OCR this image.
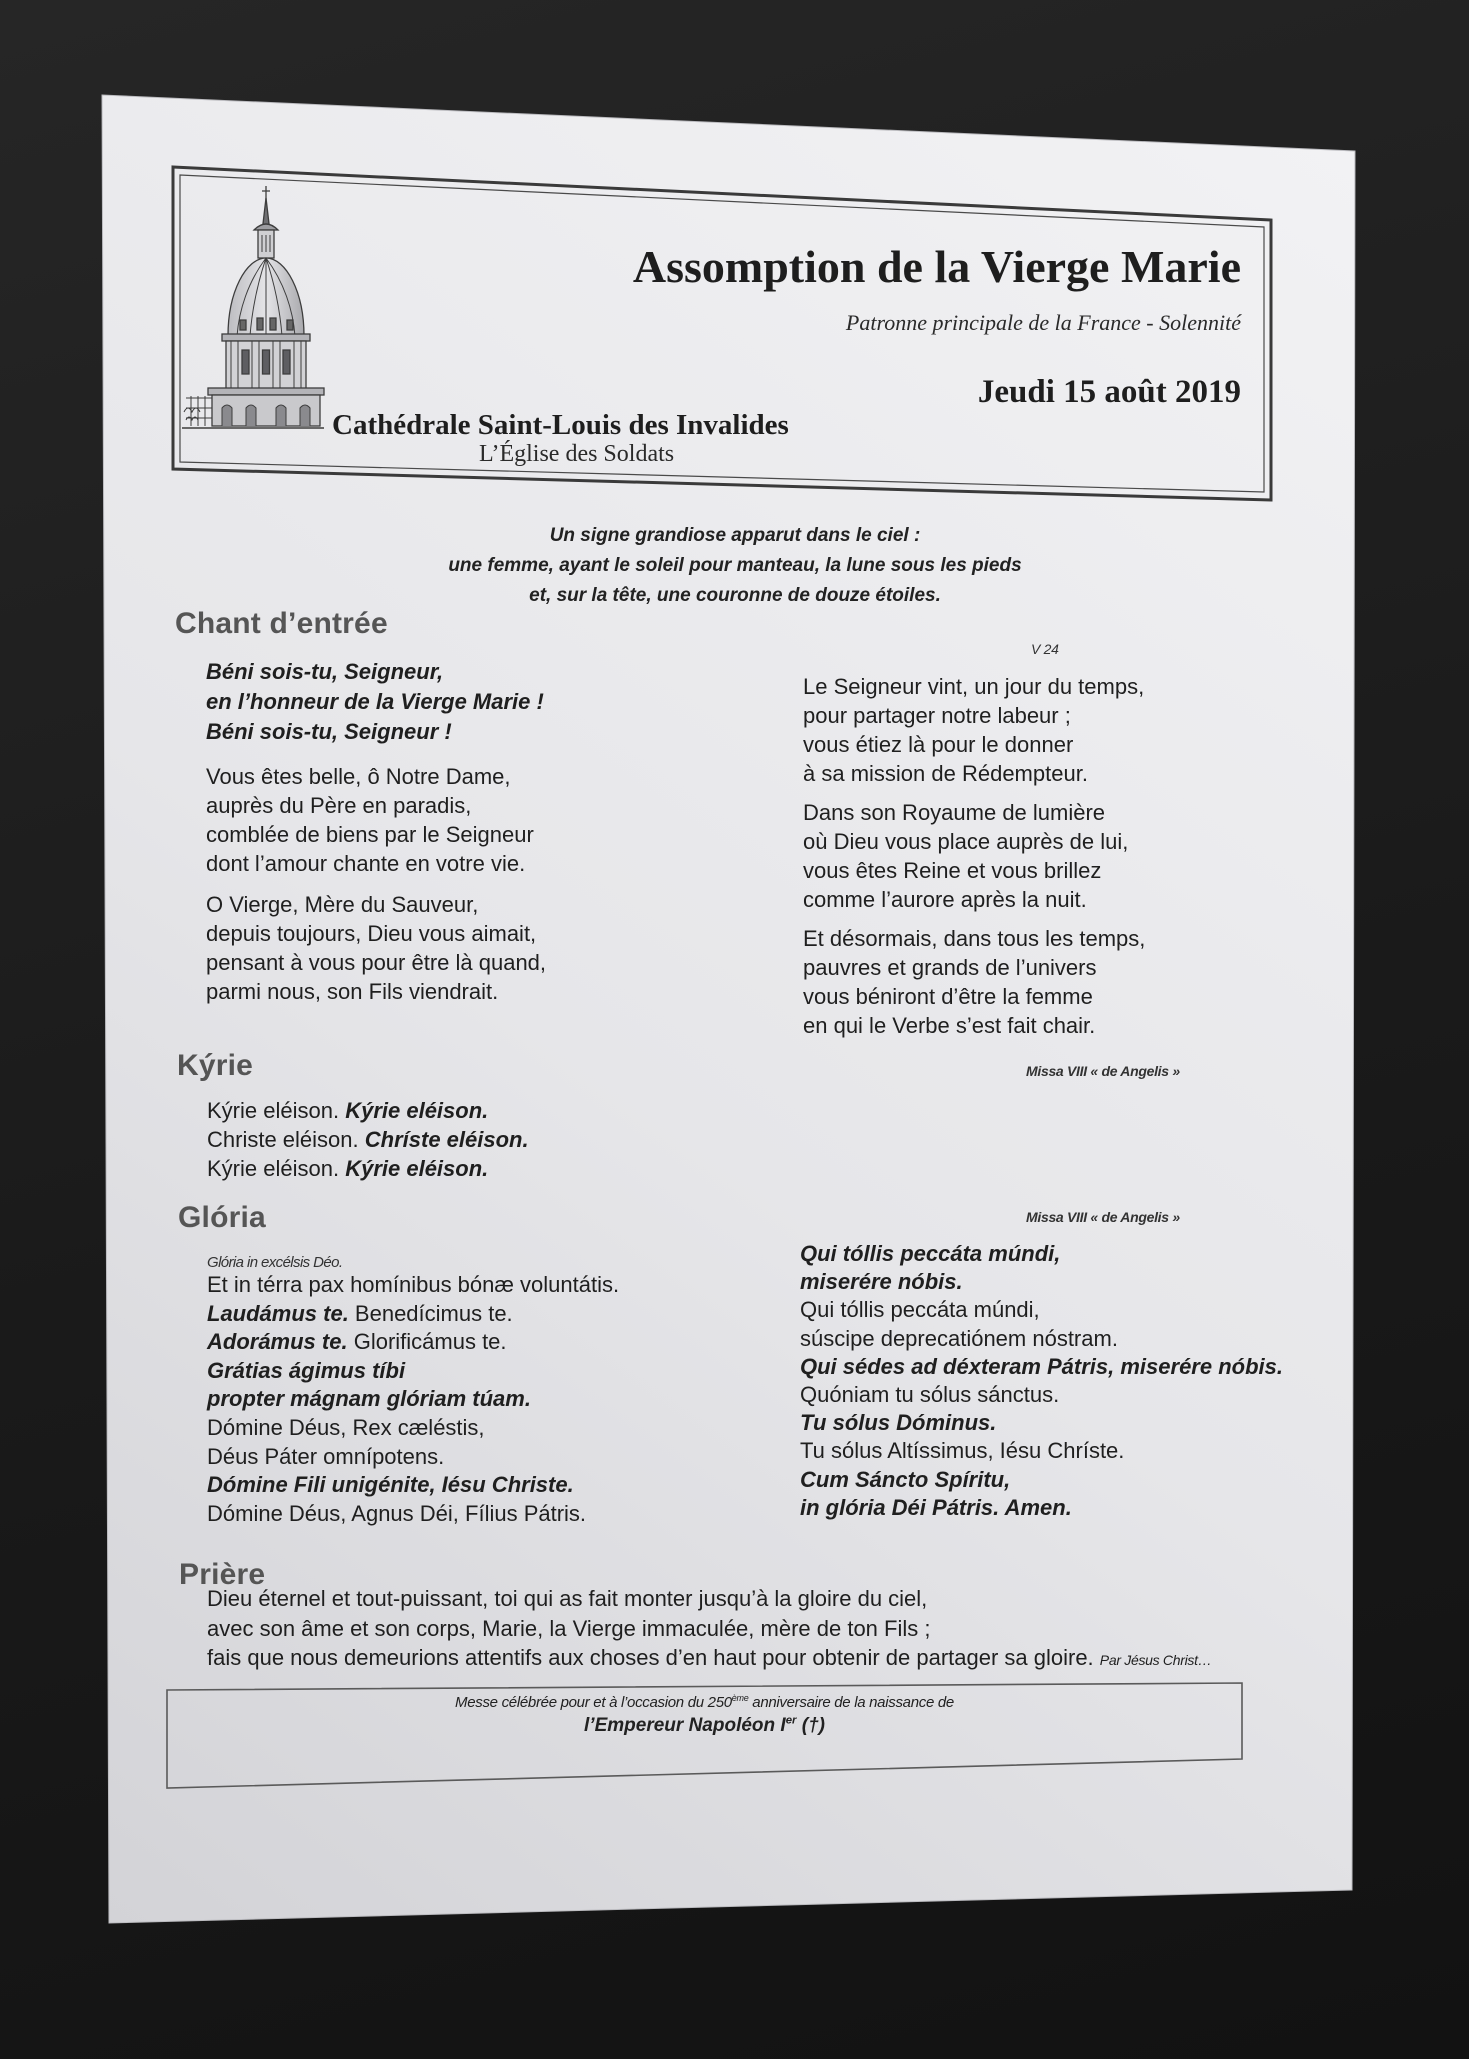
Assomption de la Vierge Marie
Patronne principale de la France - Solennité
Jeudi 15 août 2019
Cathédrale Saint-Louis des Invalides
L’Église des Soldats
Un signe grandiose apparut dans le ciel :
une femme, ayant le soleil pour manteau, la lune sous les pieds
et, sur la tête, une couronne de douze étoiles.
Chant d’entrée
V 24
Béni sois-tu, Seigneur,
en l’honneur de la Vierge Marie !
Béni sois-tu, Seigneur !
Vous êtes belle, ô Notre Dame,
auprès du Père en paradis,
comblée de biens par le Seigneur
dont l’amour chante en votre vie.
O Vierge, Mère du Sauveur,
depuis toujours, Dieu vous aimait,
pensant à vous pour être là quand,
parmi nous, son Fils viendrait.
Le Seigneur vint, un jour du temps,
pour partager notre labeur ;
vous étiez là pour le donner
à sa mission de Rédempteur.
Dans son Royaume de lumière
où Dieu vous place auprès de lui,
vous êtes Reine et vous brillez
comme l’aurore après la nuit.
Et désormais, dans tous les temps,
pauvres et grands de l’univers
vous béniront d’être la femme
en qui le Verbe s’est fait chair.
Kýrie	Missa VIII « de Angelis »
Kýrie eléison. Kýrie eléison.
Christe eléison. Chríste eléison.
Kýrie eléison. Kýrie eléison.
Glória	Missa VIII « de Angelis »
Glória in excélsis Déo.
Et in térra pax homínibus bónæ voluntátis.
Laudámus te. Benedícimus te.
Adorámus te. Glorificámus te.
Grátias ágimus tíbi
propter mágnam glóriam túam.
Dómine Déus, Rex cæléstis,
Déus Páter omnípotens.
Dómine Fili unigénite, Iésu Christe.
Dómine Déus, Agnus Déi, Fílius Pátris.
Qui tóllis peccáta múndi,
miserére nóbis.
Qui tóllis peccáta múndi,
súscipe deprecatiónem nóstram.
Qui sédes ad déxteram Pátris, miserére nóbis.
Quóniam tu sólus sánctus.
Tu sólus Dóminus.
Tu sólus Altíssimus, Iésu Chríste.
Cum Sáncto Spíritu,
in glória Déi Pátris. Amen.
Prière
Dieu éternel et tout-puissant, toi qui as fait monter jusqu’à la gloire du ciel,
avec son âme et son corps, Marie, la Vierge immaculée, mère de ton Fils ;
fais que nous demeurions attentifs aux choses d’en haut pour obtenir de partager sa gloire. Par Jésus Christ…
Messe célébrée pour et à l’occasion du 250ème anniversaire de la naissance de
l’Empereur Napoléon Ier (†)
